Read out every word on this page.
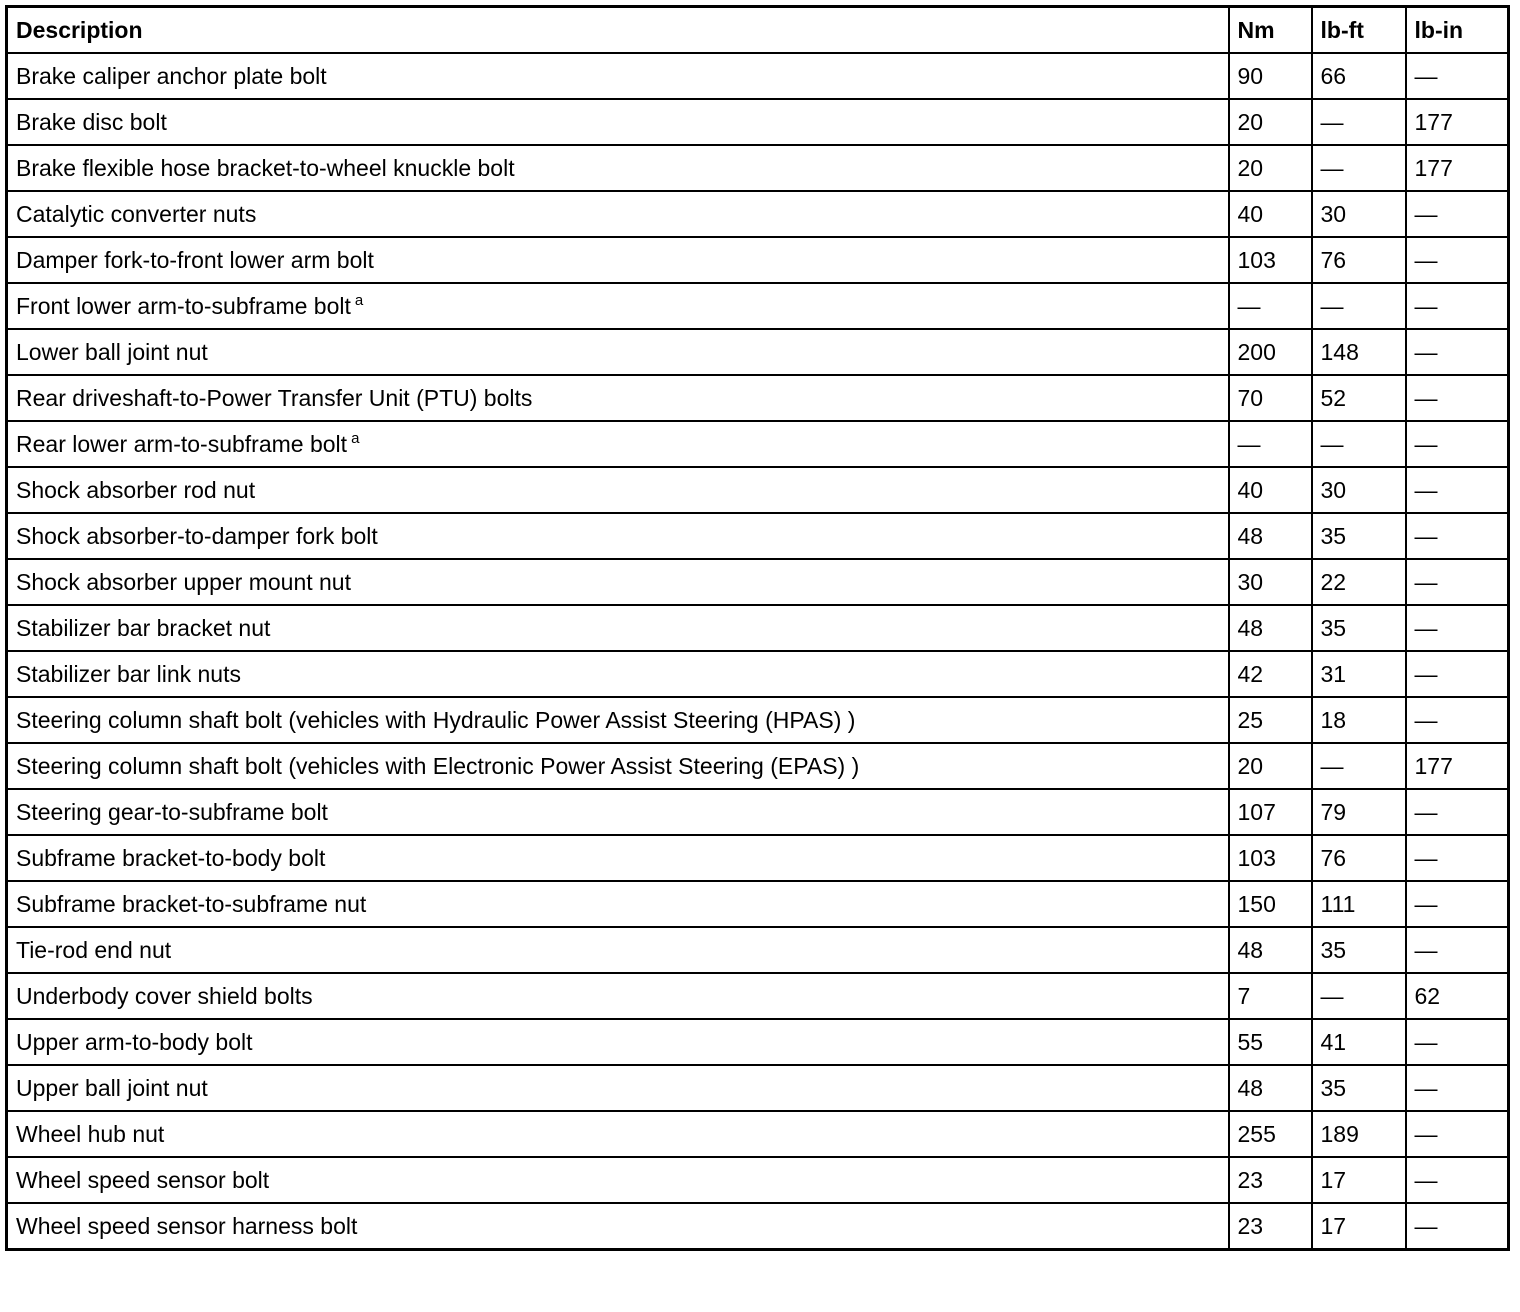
Description	Nm	lb-ft	lb-in
Brake caliper anchor plate bolt	90	66	—
Brake disc bolt	20	—	177
Brake flexible hose bracket-to-wheel knuckle bolt	20	—	177
Catalytic converter nuts	40	30	—
Damper fork-to-front lower arm bolt	103	76	—
Front lower arm-to-subframe bolt $^a$	—	—	—
Lower ball joint nut	200	148	—
Rear driveshaft-to-Power Transfer Unit (PTU) bolts	70	52	—
Rear lower arm-to-subframe bolt $^a$	—	—	—
Shock absorber rod nut	40	30	—
Shock absorber-to-damper fork bolt	48	35	—
Shock absorber upper mount nut	30	22	—
Stabilizer bar bracket nut	48	35	—
Stabilizer bar link nuts	42	31	—
Steering column shaft bolt (vehicles with Hydraulic Power Assist Steering (HPAS) )	25	18	—
Steering column shaft bolt (vehicles with Electronic Power Assist Steering (EPAS) )	20	—	177
Steering gear-to-subframe bolt	107	79	—
Subframe bracket-to-body bolt	103	76	—
Subframe bracket-to-subframe nut	150	111	—
Tie-rod end nut	48	35	—
Underbody cover shield bolts	7	—	62
Upper arm-to-body bolt	55	41	—
Upper ball joint nut	48	35	—
Wheel hub nut	255	189	—
Wheel speed sensor bolt	23	17	—
Wheel speed sensor harness bolt	23	17	—
